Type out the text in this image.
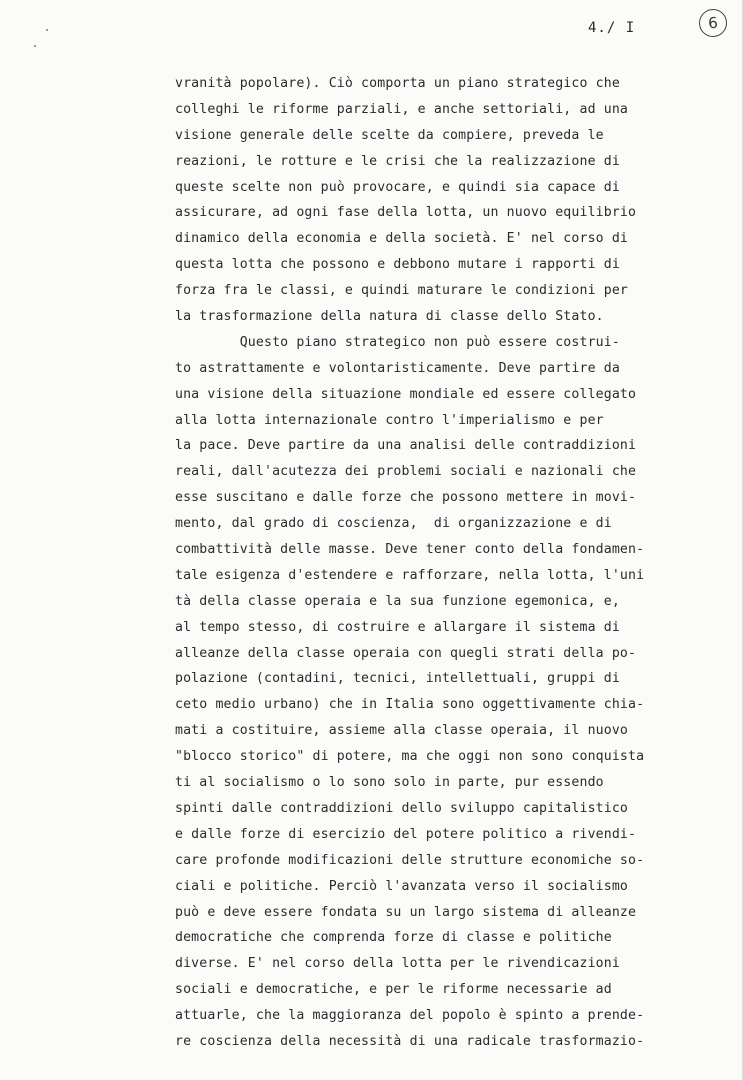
4./ I	6
vranità popolare). Ciò comporta un piano strategico che
colleghi le riforme parziali, e anche settoriali, ad una
visione generale delle scelte da compiere, preveda le
reazioni, le rotture e le crisi che la realizzazione di
queste scelte non può provocare, e quindi sia capace di
assicurare, ad ogni fase della lotta, un nuovo equilibrio
dinamico della economia e della società. E' nel corso di
questa lotta che possono e debbono mutare i rapporti di
forza fra le classi, e quindi maturare le condizioni per
la trasformazione della natura di classe dello Stato.
Questo piano strategico non può essere costrui-
to astrattamente e volontaristicamente. Deve partire da
una visione della situazione mondiale ed essere collegato
alla lotta internazionale contro l'imperialismo e per
la pace. Deve partire da una analisi delle contraddizioni
reali, dall'acutezza dei problemi sociali e nazionali che
esse suscitano e dalle forze che possono mettere in movi-
mento, dal grado di coscienza,  di organizzazione e di
combattività delle masse. Deve tener conto della fondamen-
tale esigenza d'estendere e rafforzare, nella lotta, l'uni
tà della classe operaia e la sua funzione egemonica, e,
al tempo stesso, di costruire e allargare il sistema di
alleanze della classe operaia con quegli strati della po-
polazione (contadini, tecnici, intellettuali, gruppi di
ceto medio urbano) che in Italia sono oggettivamente chia-
mati a costituire, assieme alla classe operaia, il nuovo
"blocco storico" di potere, ma che oggi non sono conquista
ti al socialismo o lo sono solo in parte, pur essendo
spinti dalle contraddizioni dello sviluppo capitalistico
e dalle forze di esercizio del potere politico a rivendi-
care profonde modificazioni delle strutture economiche so-
ciali e politiche. Perciò l'avanzata verso il socialismo
può e deve essere fondata su un largo sistema di alleanze
democratiche che comprenda forze di classe e politiche
diverse. E' nel corso della lotta per le rivendicazioni
sociali e democratiche, e per le riforme necessarie ad
attuarle, che la maggioranza del popolo è spinto a prende-
re coscienza della necessità di una radicale trasformazio-
